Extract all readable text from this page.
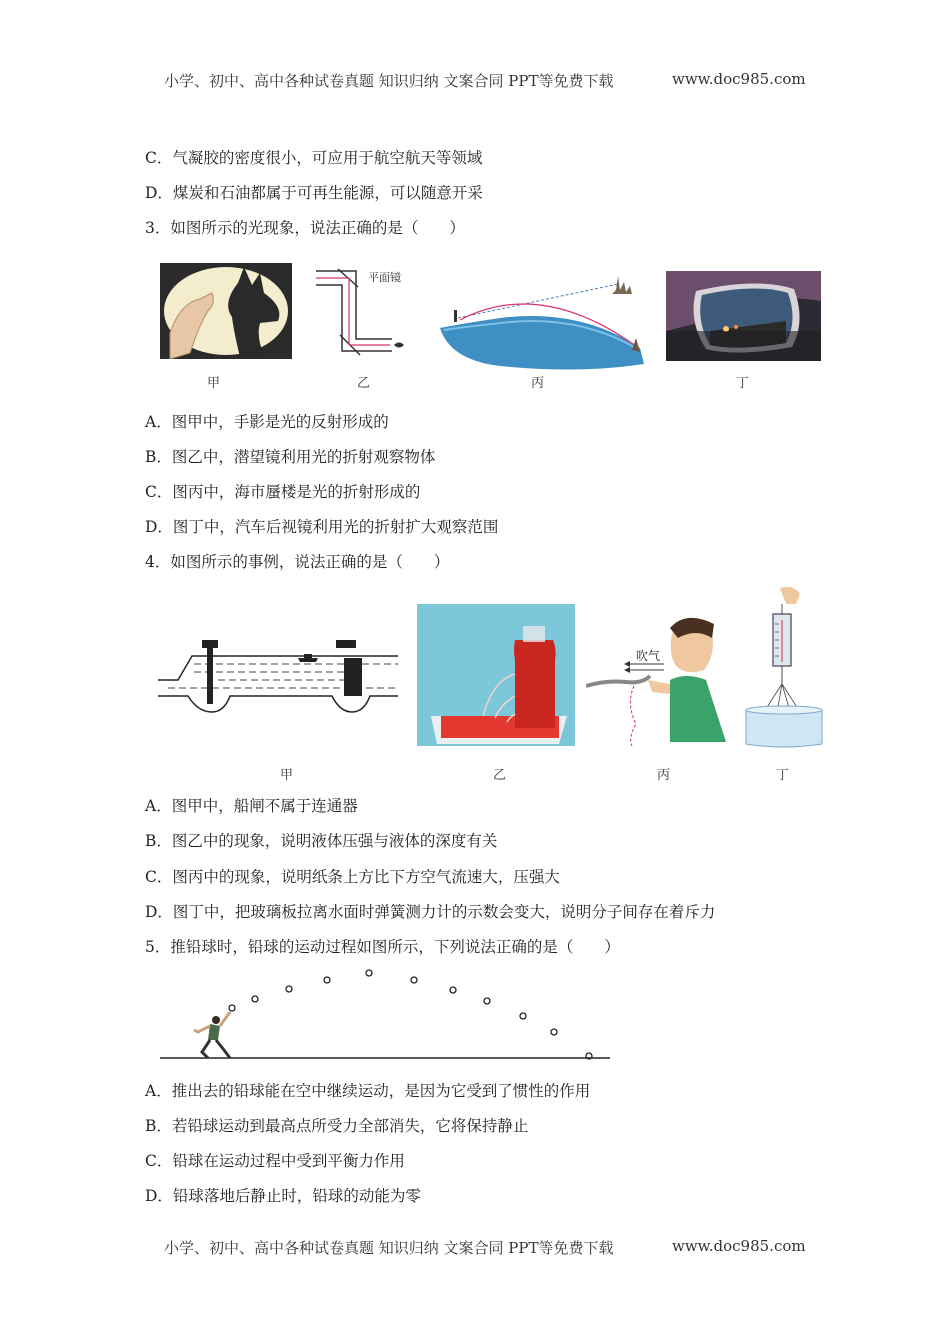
小学、初中、高中各种试卷真题 知识归纳 文案合同 PPT等免费下载	www.doc985.com
C．气凝胶的密度很小，可应用于航空航天等领域
D．煤炭和石油都属于可再生能源，可以随意开采
3．如图所示的光现象，说法正确的是（　　）
平面镜
甲	乙	丙	丁
A．图甲中，手影是光的反射形成的
B．图乙中，潜望镜利用光的折射观察物体
C．图丙中，海市蜃楼是光的折射形成的
D．图丁中，汽车后视镜利用光的折射扩大观察范围
4．如图所示的事例，说法正确的是（　　）
吹气
甲	乙	丙	丁
A．图甲中，船闸不属于连通器
B．图乙中的现象，说明液体压强与液体的深度有关
C．图丙中的现象，说明纸条上方比下方空气流速大，压强大
D．图丁中，把玻璃板拉离水面时弹簧测力计的示数会变大，说明分子间存在着斥力
5．推铅球时，铅球的运动过程如图所示，下列说法正确的是（　　）
A．推出去的铅球能在空中继续运动，是因为它受到了惯性的作用
B．若铅球运动到最高点所受力全部消失，它将保持静止
C．铅球在运动过程中受到平衡力作用
D．铅球落地后静止时，铅球的动能为零
小学、初中、高中各种试卷真题 知识归纳 文案合同 PPT等免费下载	www.doc985.com
